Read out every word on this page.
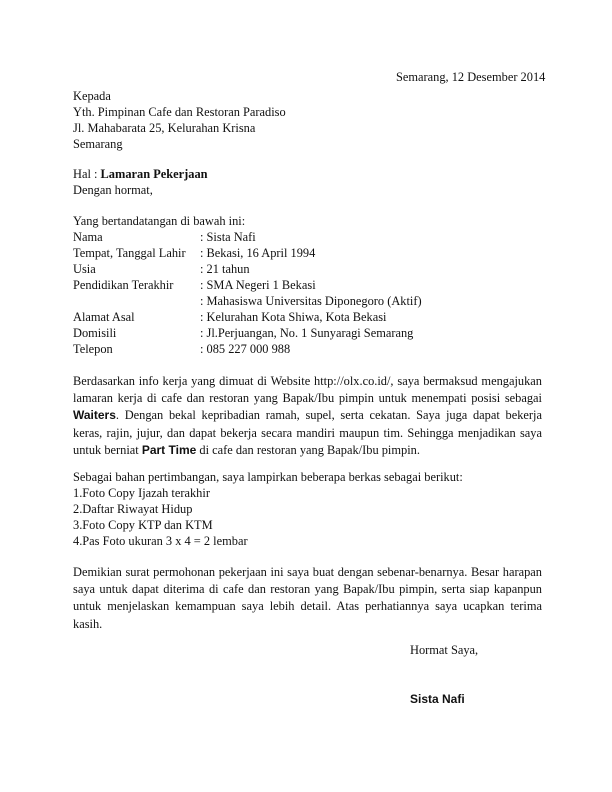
Semarang, 12 Desember 2014
Kepada
Yth. Pimpinan Cafe dan Restoran Paradiso
Jl. Mahabarata 25, Kelurahan Krisna
Semarang
Hal : Lamaran Pekerjaan
Dengan hormat,
Yang bertandatangan di bawah ini:
Nama	: Sista Nafi
Tempat, Tanggal Lahir : Bekasi, 16 April 1994
Usia	: 21 tahun
Pendidikan Terakhir : SMA Negeri 1 Bekasi
: Mahasiswa Universitas Diponegoro (Aktif)
Alamat Asal	: Kelurahan Kota Shiwa, Kota Bekasi
Domisili	: Jl.Perjuangan, No. 1 Sunyaragi Semarang
Telepon	: 085 227 000 988
Berdasarkan info kerja yang dimuat di Website http://olx.co.id/, saya bermaksud mengajukan lamaran kerja di cafe dan restoran yang Bapak/Ibu pimpin untuk menempati posisi sebagai Waiters. Dengan bekal kepribadian ramah, supel, serta cekatan. Saya juga dapat bekerja keras, rajin, jujur, dan dapat bekerja secara mandiri maupun tim. Sehingga menjadikan saya untuk berniat Part Time di cafe dan restoran yang Bapak/Ibu pimpin.
Sebagai bahan pertimbangan, saya lampirkan beberapa berkas sebagai berikut:
1.Foto Copy Ijazah terakhir
2.Daftar Riwayat Hidup
3.Foto Copy KTP dan KTM
4.Pas Foto ukuran 3 x 4 = 2 lembar
Demikian surat permohonan pekerjaan ini saya buat dengan sebenar-benarnya. Besar harapan saya untuk dapat diterima di cafe dan restoran yang Bapak/Ibu pimpin, serta siap kapanpun untuk menjelaskan kemampuan saya lebih detail. Atas perhatiannya saya ucapkan terima kasih.
Hormat Saya,
Sista Nafi
